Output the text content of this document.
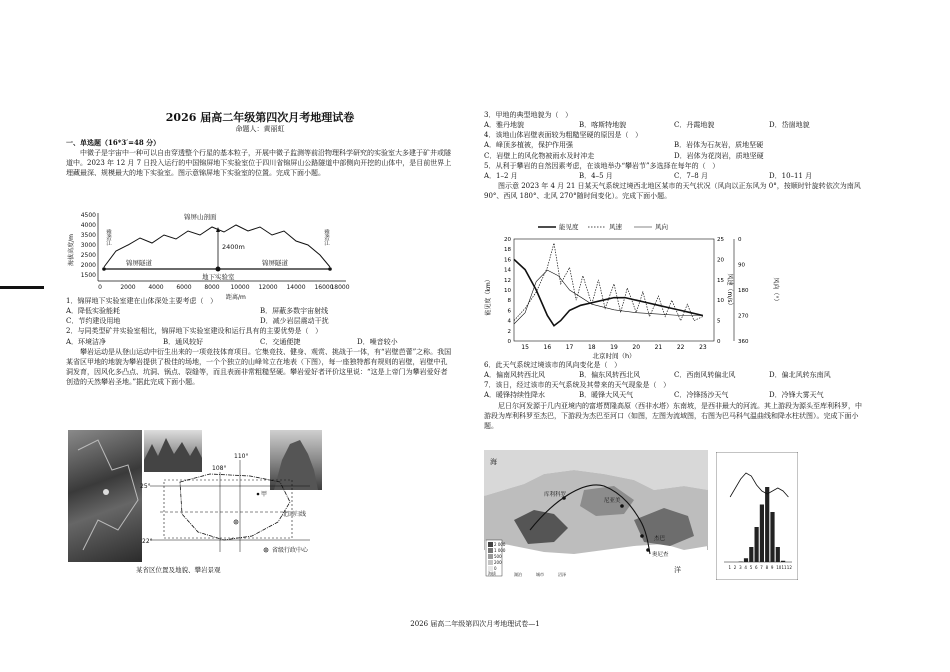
2026 届高二年级第四次月考地理试卷
命题人：黄丽虹
一、单选题（16*3′=48 分）
中微子是宇宙中一种可以自由穿透整个行星的基本粒子，开展中微子监测等前沿物理科学研究的实验室大多建于矿井或隧道中。2023 年 12 月 7 日投入运行的中国锦屏地下实验室位于四川省锦屏山公路隧道中部侧向开挖的山体中，是目前世界上埋藏最深、规模最大的地下实验室。图示意锦屏地下实验室的位置。完成下面小题。
海拔高度/m
4500
4000
3500
3000
2500
2000
1500
0	2000 4000 6000 8000 10000 12000 14000 16000
18000
距离/m
锦屏山剖面
2400m
锦屏隧道	锦屏隧道
地下实验室
雅砻江	雅砻江
1．锦屏地下实验室建在山体深处主要考虑（   ）
A．降低实验能耗	B．屏蔽多数宇宙射线
C．节约建设用地	D．减少岩层震动干扰
2．与同类型矿井实验室相比，锦屏地下实验室建设和运行具有的主要优势是（   ）
A．环境洁净	B．通风较好	C．交通便捷	D．噪音较小
攀岩运动是从登山运动中衍生出来的一项竞技体育项目。它集竞技、健身、观赏、挑战于一体，有“岩壁芭蕾”之称。我国某省区甲地的地貌为攀岩提供了极佳的场地，一个个独立的山峰耸立在地表（下图），每一座独特都有规则的岩壁，岩壁中孔洞发育，因风化多凸点、坑洞、锅点、裂缝等，而且表面非常粗糙坚硬。攀岩爱好者评价这里说：“这是上帝门为攀岩爱好者创造的天然攀岩圣地。”据此完成下面小题。
110°
108°
25°
22°
甲
北回归线
省级行政中心
某省区位置及地貌、攀岩景观
3．甲地的典型地貌为（   ）
A．雅丹地貌	B．喀斯特地貌	C．丹霞地貌	D．岱崮地貌
4．该地山体岩壁表面较为粗糙坚硬的原因是（   ）
A．峰顶多植被，保护作用强	B．岩体为石灰岩，质地坚硬
C．岩壁上的风化物被雨水及时冲走	D．岩体为花岗岩，质地坚硬
5．从利于攀岩的自然因素考虑，在该地举办“攀岩节”多选择在每年的（   ）
A．1–2 月	B．4–5 月	C．7–8 月	D．10–11 月
图示意 2023 年 4 月 21 日某天气系统过境西北地区某市的天气状况（风向以正东风为 0°，按顺时针旋转依次为南风 90°、西风 180°、北风 270°随时间变化）。完成下面小题。
能见度	风速	风向
能见度（km）	风速（m/s）	风向（°）
北京时间（h）
15 16 17 18 19 20 21 22 23
0
2
4
6
8
10
12
14
16
18
20
0
5
10
15
20
25	0
90
180
270
360
6．此天气系统过境该市的风向变化是（   ）
A．偏南风转西北风	B．偏东风转西北风	C．西南风转偏北风	D．偏北风转东南风
7．该日，经过该市的天气系统及其带来的天气现象是（   ）
A．暖锋持续性降水	B．暖锋大风天气	C．冷锋扬沙天气	D．冷锋大雾天气
尼日尔河发源于几内亚境内的富塔贾隆高原（西非水塔）东南坡，是西非最大的河流。其上游段为源头至库利科罗，中游段为库利科罗至杰巴，下游段为杰巴至河口（如图，左图为流域图，右图为巴马科气温曲线和降水柱状图）。完成下面小题。
库利科罗
尼亚美
杰巴
奥尼查
海
洋
2 000
1 000
500
200
0
海拔	湖泊	城市	沼泽
1 2 3 4 5 6 7 8 9 10 11 12
2026 届高二年级第四次月考地理试卷—1
